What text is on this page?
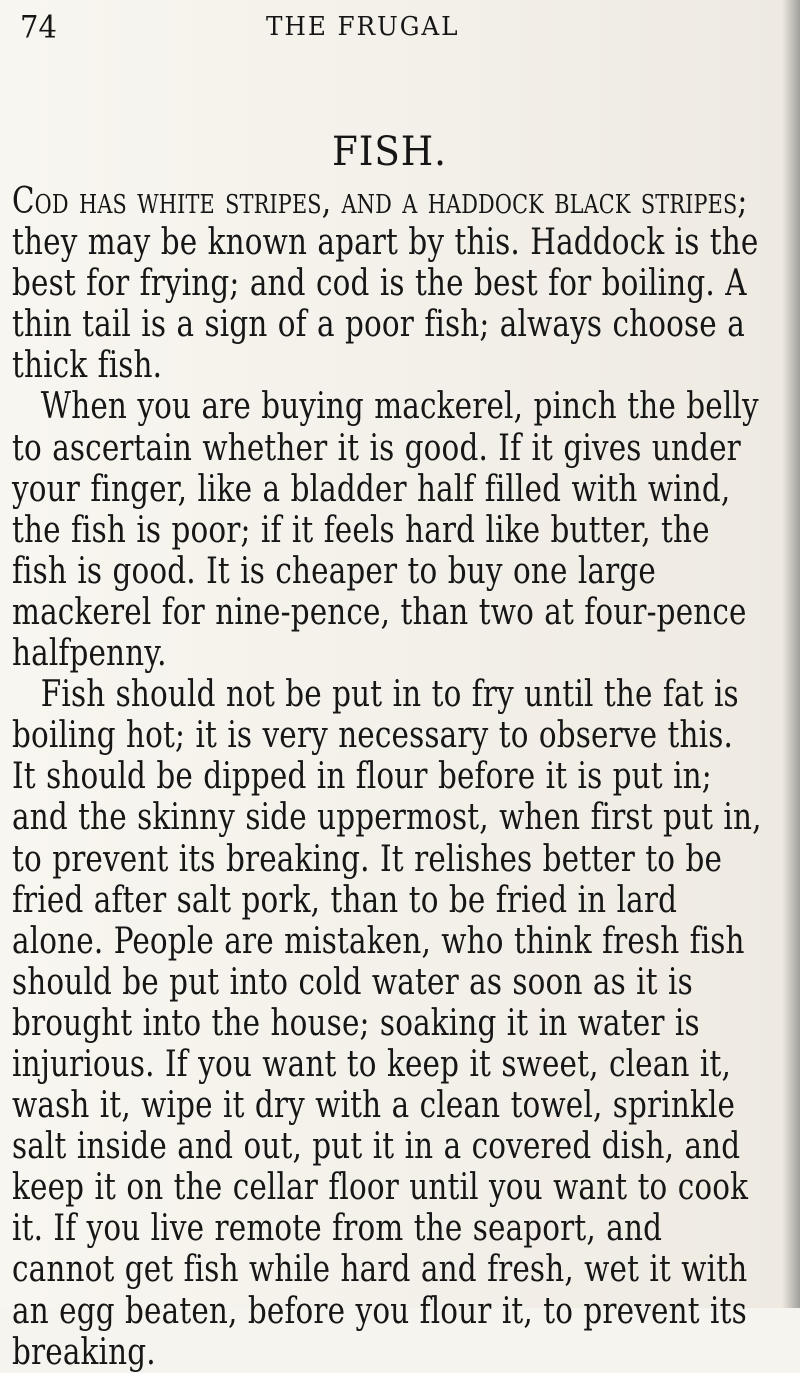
74	THE FRUGAL
FISH.

Cod has white stripes, and a haddock black stripes; they may be known apart by this. Haddock is the best for frying; and cod is the best for boiling. A thin tail is a sign of a poor fish; always choose a thick fish.

When you are buying mackerel, pinch the belly to ascertain whether it is good. If it gives under your finger, like a bladder half filled with wind, the fish is poor; if it feels hard like butter, the fish is good. It is cheaper to buy one large mackerel for nine-pence, than two at four-pence halfpenny.

Fish should not be put in to fry until the fat is boiling hot; it is very necessary to observe this. It should be dipped in flour before it is put in; and the skinny side uppermost, when first put in, to prevent its breaking. It relishes better to be fried after salt pork, than to be fried in lard alone. People are mistaken, who think fresh fish should be put into cold water as soon as it is brought into the house; soaking it in water is injurious. If you want to keep it sweet, clean it, wash it, wipe it dry with a clean towel, sprinkle salt inside and out, put it in a covered dish, and keep it on the cellar floor until you want to cook it. If you live remote from the seaport, and cannot get fish while hard and fresh, wet it with an egg beaten, before you flour it, to prevent its breaking.
